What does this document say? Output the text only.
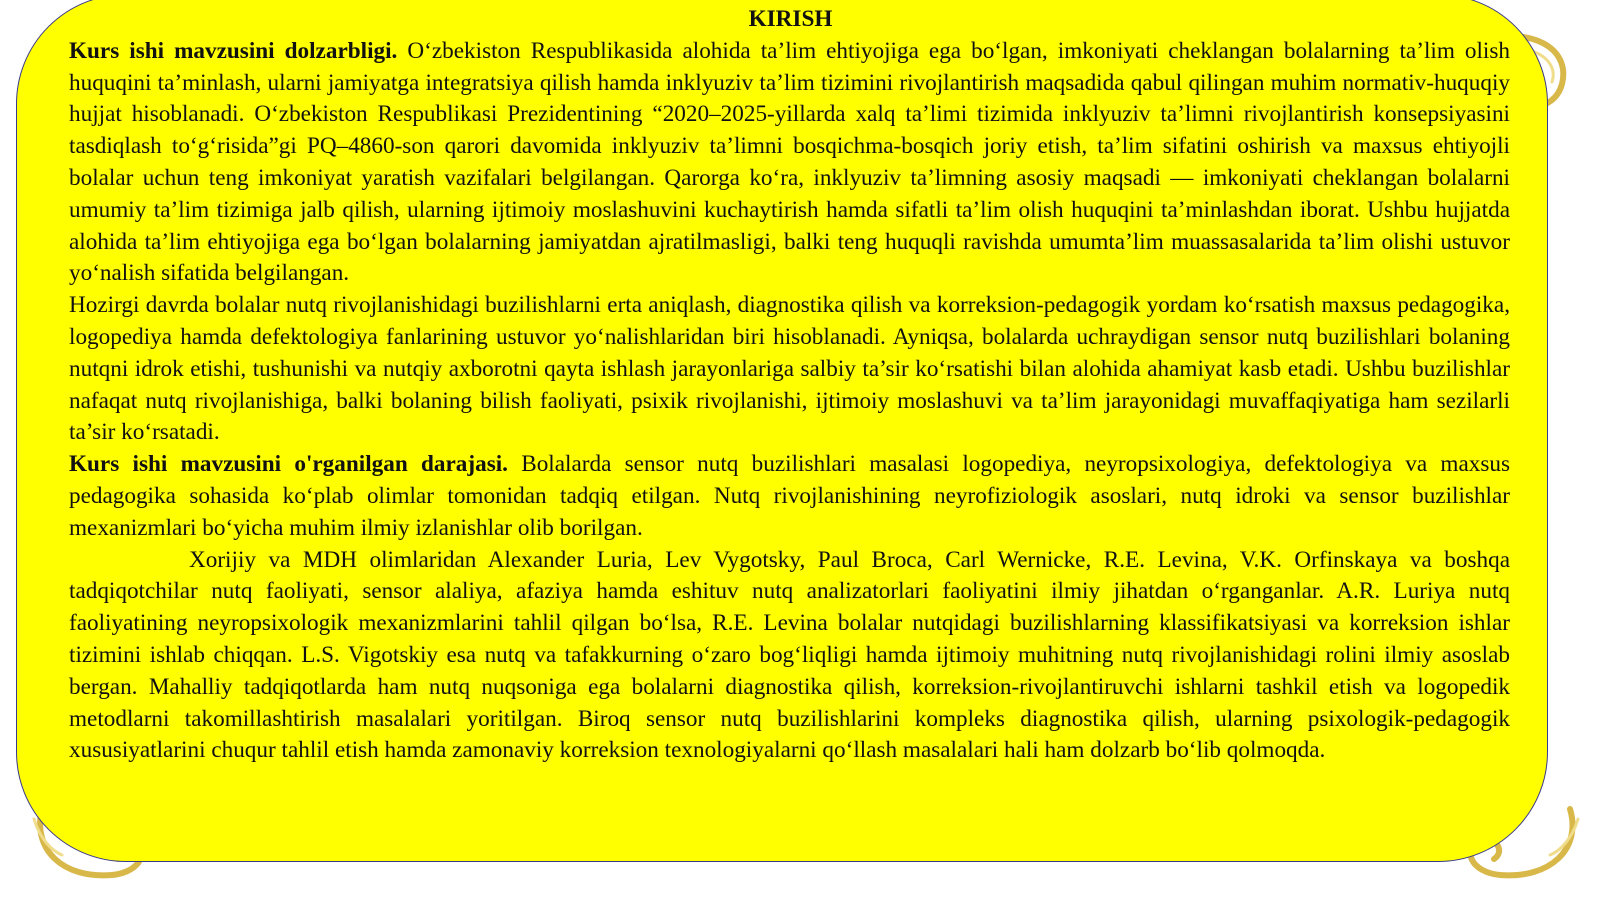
KIRISH

Kurs ishi mavzusini dolzarbligi. O‘zbekiston Respublikasida alohida ta’lim ehtiyojiga ega bo‘lgan, imkoniyati cheklangan bolalarning ta’lim olish huquqini ta’minlash, ularni jamiyatga integratsiya qilish hamda inklyuziv ta’lim tizimini rivojlantirish maqsadida qabul qilingan muhim normativ-huquqiy hujjat hisoblanadi. O‘zbekiston Respublikasi Prezidentining “2020–2025-yillarda xalq ta’limi tizimida inklyuziv ta’limni rivojlantirish konsepsiyasini tasdiqlash to‘g‘risida”gi PQ–4860-son qarori davomida inklyuziv ta’limni bosqichma-bosqich joriy etish, ta’lim sifatini oshirish va maxsus ehtiyojli bolalar uchun teng imkoniyat yaratish vazifalari belgilangan. Qarorga ko‘ra, inklyuziv ta’limning asosiy maqsadi — imkoniyati cheklangan bolalarni umumiy ta’lim tizimiga jalb qilish, ularning ijtimoiy moslashuvini kuchaytirish hamda sifatli ta’lim olish huquqini ta’minlashdan iborat. Ushbu hujjatda alohida ta’lim ehtiyojiga ega bo‘lgan bolalarning jamiyatdan ajratilmasligi, balki teng huquqli ravishda umumta’lim muassasalarida ta’lim olishi ustuvor yo‘nalish sifatida belgilangan.

Hozirgi davrda bolalar nutq rivojlanishidagi buzilishlarni erta aniqlash, diagnostika qilish va korreksion-pedagogik yordam ko‘rsatish maxsus pedagogika, logopediya hamda defektologiya fanlarining ustuvor yo‘nalishlaridan biri hisoblanadi. Ayniqsa, bolalarda uchraydigan sensor nutq buzilishlari bolaning nutqni idrok etishi, tushunishi va nutqiy axborotni qayta ishlash jarayonlariga salbiy ta’sir ko‘rsatishi bilan alohida ahamiyat kasb etadi. Ushbu buzilishlar nafaqat nutq rivojlanishiga, balki bolaning bilish faoliyati, psixik rivojlanishi, ijtimoiy moslashuvi va ta’lim jarayonidagi muvaffaqiyatiga ham sezilarli ta’sir ko‘rsatadi.

Kurs ishi mavzusini o'rganilgan darajasi. Bolalarda sensor nutq buzilishlari masalasi logopediya, neyropsixologiya, defektologiya va maxsus pedagogika sohasida ko‘plab olimlar tomonidan tadqiq etilgan. Nutq rivojlanishining neyrofiziologik asoslari, nutq idroki va sensor buzilishlar mexanizmlari bo‘yicha muhim ilmiy izlanishlar olib borilgan.

Xorijiy va MDH olimlaridan Alexander Luria, Lev Vygotsky, Paul Broca, Carl Wernicke, R.E. Levina, V.K. Orfinskaya va boshqa tadqiqotchilar nutq faoliyati, sensor alaliya, afaziya hamda eshituv nutq analizatorlari faoliyatini ilmiy jihatdan o‘rganganlar. A.R. Luriya nutq faoliyatining neyropsixologik mexanizmlarini tahlil qilgan bo‘lsa, R.E. Levina bolalar nutqidagi buzilishlarning klassifikatsiyasi va korreksion ishlar tizimini ishlab chiqqan. L.S. Vigotskiy esa nutq va tafakkurning o‘zaro bog‘liqligi hamda ijtimoiy muhitning nutq rivojlanishidagi rolini ilmiy asoslab bergan. Mahalliy tadqiqotlarda ham nutq nuqsoniga ega bolalarni diagnostika qilish, korreksion-rivojlantiruvchi ishlarni tashkil etish va logopedik metodlarni takomillashtirish masalalari yoritilgan. Biroq sensor nutq buzilishlarini kompleks diagnostika qilish, ularning psixologik-pedagogik xususiyatlarini chuqur tahlil etish hamda zamonaviy korreksion texnologiyalarni qo‘llash masalalari hali ham dolzarb bo‘lib qolmoqda.
